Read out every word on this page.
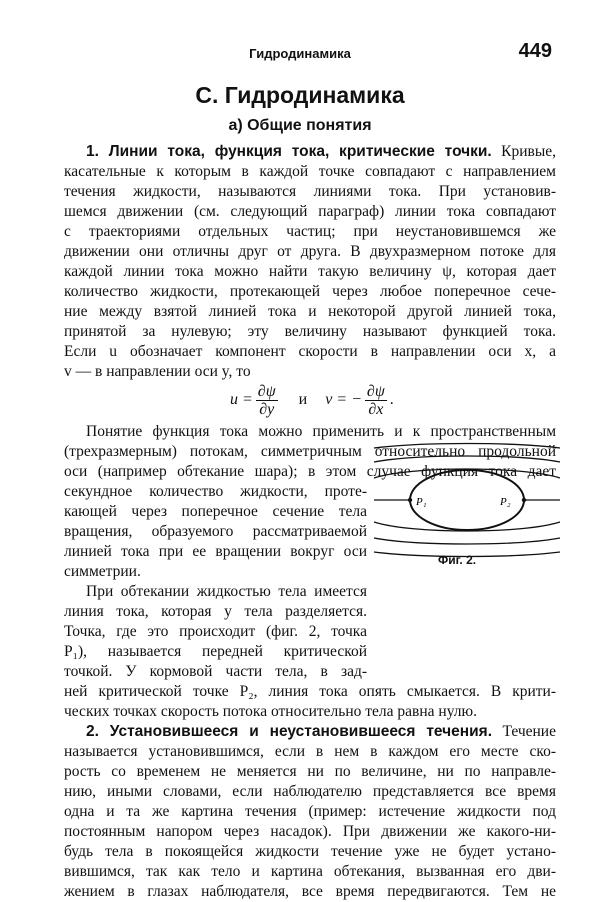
Гидродинамика	449
С. Гидродинамика
а) Общие понятия
1. Линии тока, функция тока, критические точки. Кривые,
касательные к которым в каждой точке совпадают с направлением
течения жидкости, называются линиями тока. При установив-
шемся движении (см. следующий параграф) линии тока совпадают
с траекториями отдельных частиц; при неустановившемся же
движении они отличны друг от друга. В двухразмерном потоке для
каждой линии тока можно найти такую величину ψ, которая дает
количество жидкости, протекающей через любое поперечное сече-
ние между взятой линией тока и некоторой другой линией тока,
принятой за нулевую; эту величину называют функцией тока.
Если u обозначает компонент скорости в направлении оси x, а
v — в направлении оси y, то
$u = \frac{\partial\psi}{\partial y}$ и v = − $\frac{\partial\psi}{\partial x}$ .
Понятие функция тока можно применить и к пространственным
(трехразмерным) потокам, симметричным относительно продольной
оси (например обтекание шара); в этом случае функция тока дает
секундное количество жидкости, проте-
кающей через поперечное сечение тела
вращения, образуемого рассматриваемой
линией тока при ее вращении вокруг оси
симметрии.
При обтекании жидкостью тела имеется
линия тока, которая у тела разделяется.
Точка, где это происходит (фиг. 2, точка
P₁), называется передней критической
точкой. У кормовой части тела, в зад-
ней критической точке P₂, линия тока опять смыкается. В крити-
ческих точках скорость потока относительно тела равна нулю.
2. Установившееся и неустановившееся течения. Течение
называется установившимся, если в нем в каждом его месте ско-
рость со временем не меняется ни по величине, ни по направле-
нию, иными словами, если наблюдателю представляется все время
одна и та же картина течения (пример: истечение жидкости под
постоянным напором через насадок). При движении же какого-ни-
будь тела в покоящейся жидкости течение уже не будет устано-
вившимся, так как тело и картина обтекания, вызванная его дви-
жением в глазах наблюдателя, все время передвигаются. Тем не
P₁	P₂
Фиг. 2.
